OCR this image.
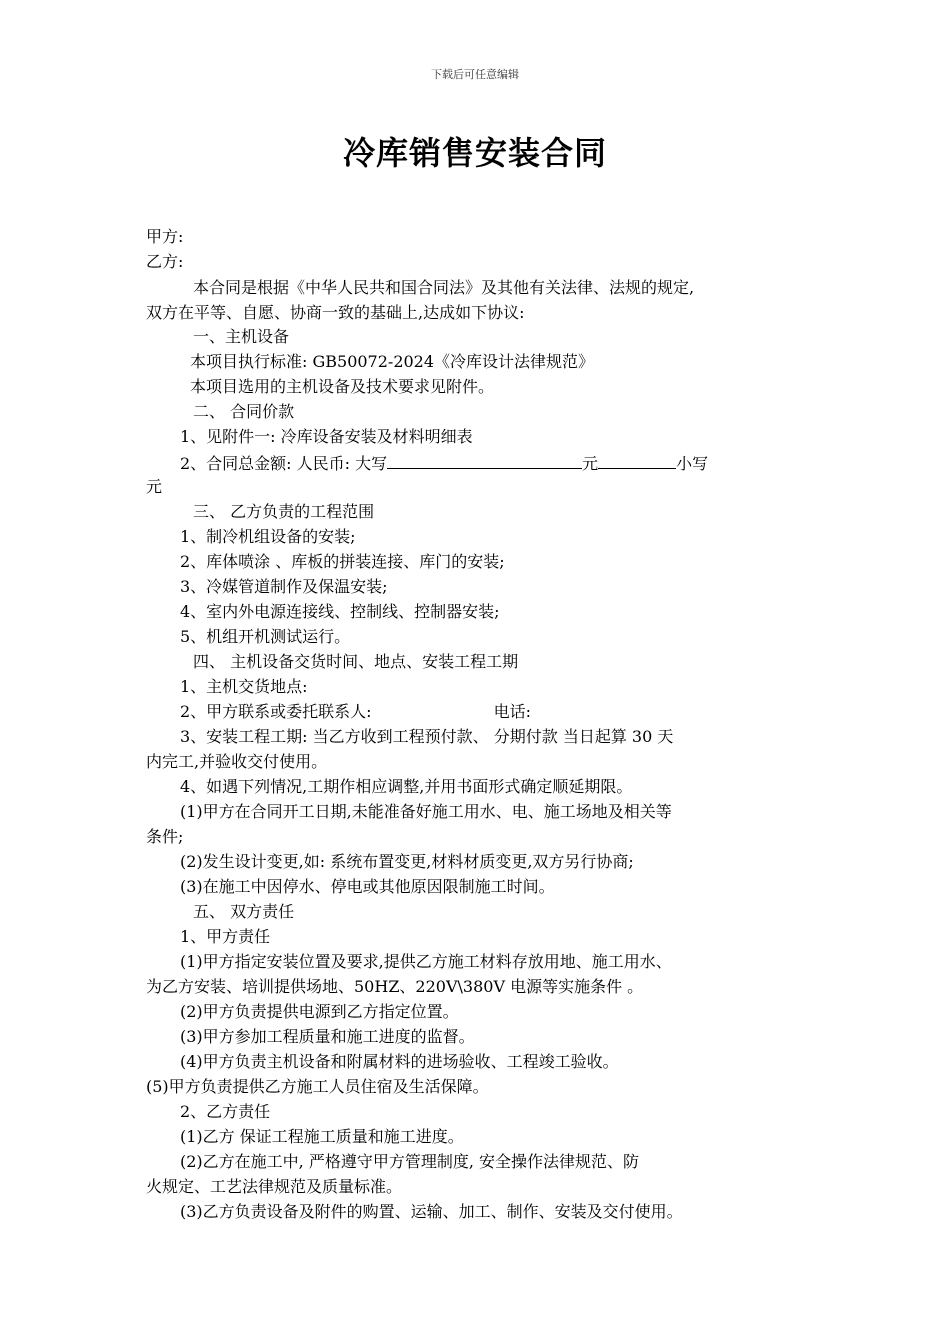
下载后可任意编辑
冷库销售安装合同
甲方:
乙方:
本合同是根据《中华人民共和国合同法》及其他有关法律、法规的规定,
双方在平等、自愿、协商一致的基础上,达成如下协议:
一、主机设备
本项目执行标准: GB50072-2024《冷库设计法律规范》
本项目选用的主机设备及技术要求见附件。
二、 合同价款
1、见附件一: 冷库设备安装及材料明细表
2、合同总金额: 人民币: 大写	元	小写
元
三、 乙方负责的工程范围
1、制冷机组设备的安装;
2、库体喷涂 、库板的拼装连接、库门的安装;
3、冷媒管道制作及保温安装;
4、室内外电源连接线、控制线、控制器安装;
5、机组开机测试运行。
四、 主机设备交货时间、地点、安装工程工期
1、主机交货地点:
2、甲方联系或委托联系人:	电话:
3、安装工程工期: 当乙方收到工程预付款、 分期付款 当日起算 30 天
内完工,并验收交付使用。
4、如遇下列情况,工期作相应调整,并用书面形式确定顺延期限。
(1)甲方在合同开工日期,未能准备好施工用水、电、施工场地及相关等
条件;
(2)发生设计变更,如: 系统布置变更,材料材质变更,双方另行协商;
(3)在施工中因停水、停电或其他原因限制施工时间。
五、 双方责任
1、甲方责任
(1)甲方指定安装位置及要求,提供乙方施工材料存放用地、施工用水、
为乙方安装、培训提供场地、50HZ、220V\380V 电源等实施条件 。
(2)甲方负责提供电源到乙方指定位置。
(3)甲方参加工程质量和施工进度的监督。
(4)甲方负责主机设备和附属材料的进场验收、工程竣工验收。
(5)甲方负责提供乙方施工人员住宿及生活保障。
2、乙方责任
(1)乙方 保证工程施工质量和施工进度。
(2)乙方在施工中, 严格遵守甲方管理制度, 安全操作法律规范、防
火规定、工艺法律规范及质量标准。
(3)乙方负责设备及附件的购置、运输、加工、制作、安装及交付使用。
